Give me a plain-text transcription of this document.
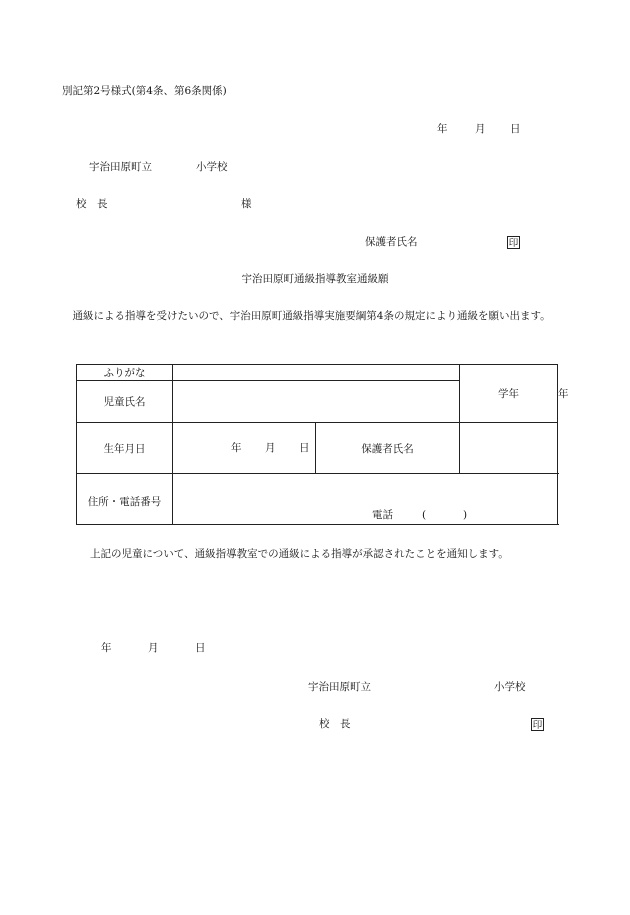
別記第2号様式(第4条、第6条関係)
年	月 日
宇治田原町立	小学校
校　長	様
保護者氏名	印
宇治田原町通級指導教室通級願
通級による指導を受けたいので、宇治田原町通級指導実施要綱第4条の規定により通級を願い出ます。
ふりがな			学年	年
児童氏名				
生年月日	年 月 日	保護者氏名		
住所・電話番号	電話 ( )			
上記の児童について、通級指導教室での通級による指導が承認されたことを通知します。
年	月	日
宇治田原町立	小学校
校　長	印
